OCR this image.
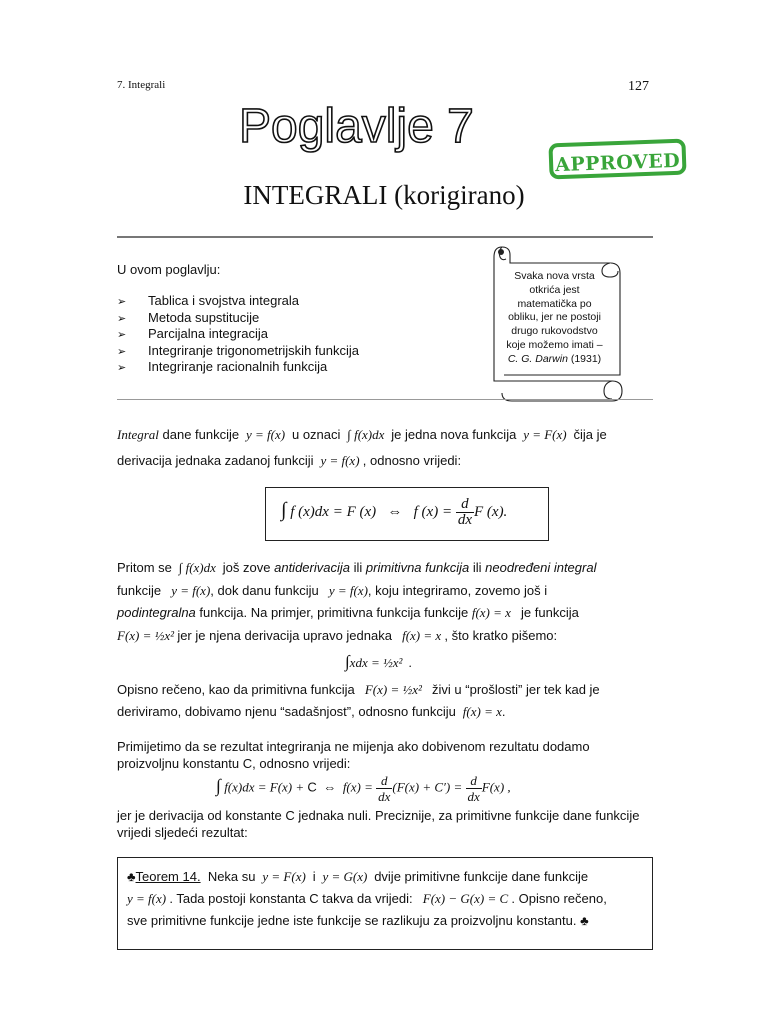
7. Integrali	127
Poglavlje 7
APPROVED
INTEGRALI (korigirano)
U ovom poglavlju:
➢ Tablica i svojstva integrala
➢ Metoda supstitucije
➢ Parcijalna integracija
➢ Integriranje trigonometrijskih funkcija
➢ Integriranje racionalnih funkcija
Svaka nova vrsta
otkrića jest
matematička po
obliku, jer ne postoji
drugo rukovodstvo
koje možemo imati –
C. G. Darwin (1931)
Integral dane funkcije  y = f(x)  u oznaci  ∫ f(x)dx  je jedna nova funkcija  y = F(x)  čija je
derivacija jednaka zadanoj funkciji  y = f(x) , odnosno vrijedi:
∫ f (x)dx = F (x)   ⇔   f $(x) = \frac{d}{dx}$ F (x).
Pritom se  ∫ f(x)dx  još zove antiderivacija ili primitivna funkcija ili neodređeni integral
funkcije   y = f(x), dok danu funkciju   y = f(x), koju integriramo, zovemo još i
podintegralna funkcija. Na primjer, primitivna funkcija funkcije f(x) = x   je funkcija
F(x) = ½x² jer je njena derivacija upravo jednaka   f(x) = x , što kratko pišemo:
∫xdx = ½x²  .
Opisno rečeno, kao da primitivna funkcija   F(x) = ½x²   živi u “prošlosti” jer tek kad je
deriviramo, dobivamo njenu “sadašnjost”, odnosno funkciju  f(x) = x.
Primijetimo da se rezultat integriranja ne mijenja ako dobivenom rezultatu dodamo
proizvoljnu konstantu C, odnosno vrijedi:
∫ f(x)dx = F(x) + C ⇔  $f(x) = \frac{d}{dx} (F(x) + C') = \frac{d}{dx} F(x)$ ,
jer je derivacija od konstante C jednaka nuli. Preciznije, za primitivne funkcije dane funkcije
vrijedi sljedeći rezultat:
♣Teorem 14. Neka su  y = F(x)  i  y = G(x)  dvije primitivne funkcije dane funkcije
y = f(x) . Tada postoji konstanta C takva da vrijedi:   F(x) − G(x) = C . Opisno rečeno,
sve primitivne funkcije jedne iste funkcije se razlikuju za proizvoljnu konstantu. ♣
